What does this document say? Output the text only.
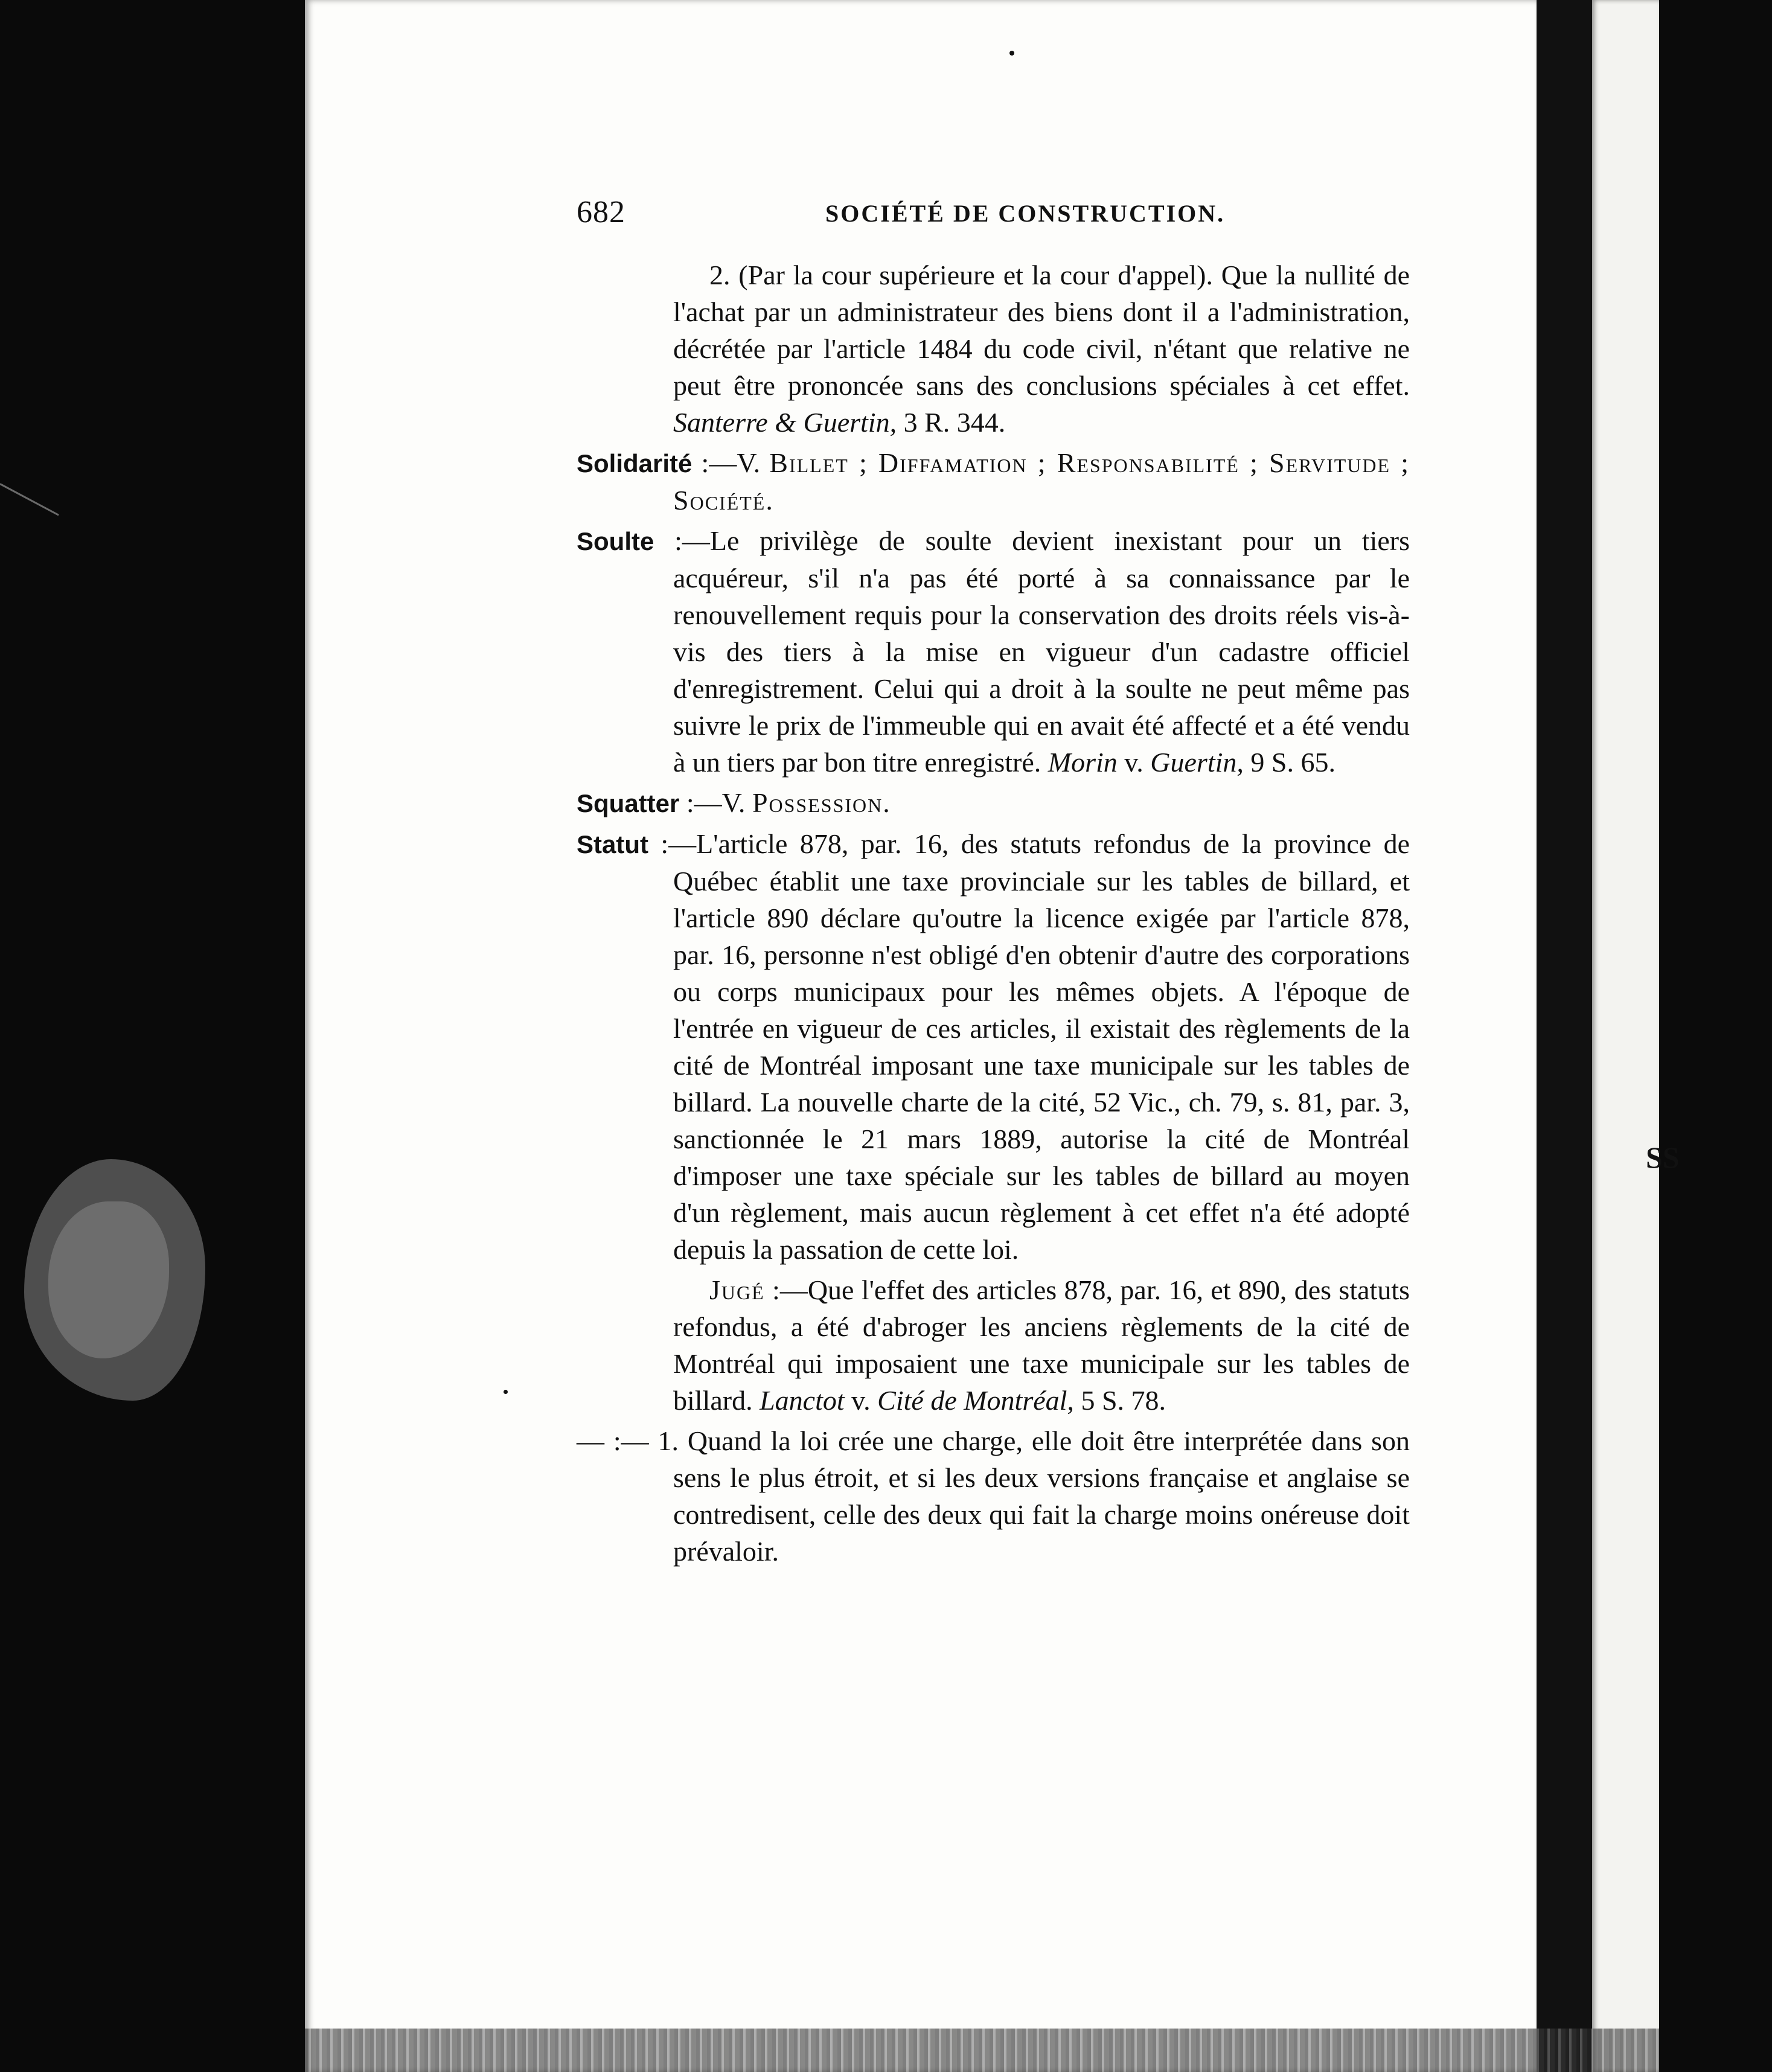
SS
682	SOCIÉTÉ DE CONSTRUCTION.

2. (Par la cour supérieure et la cour d'appel). Que la nullité de l'achat par un administrateur des biens dont il a l'administration, décrétée par l'article 1484 du code civil, n'étant que relative ne peut être prononcée sans des conclusions spéciales à cet effet. Santerre & Guertin, 3 R. 344.

Solidarité :—V. Billet ; Diffamation ; Responsabilité ; Servitude ; Société.

Soulte :—Le privilège de soulte devient inexistant pour un tiers acquéreur, s'il n'a pas été porté à sa connaissance par le renouvellement requis pour la conservation des droits réels vis-à-vis des tiers à la mise en vigueur d'un cadastre officiel d'enregistrement. Celui qui a droit à la soulte ne peut même pas suivre le prix de l'immeuble qui en avait été affecté et a été vendu à un tiers par bon titre enregistré. Morin v. Guertin, 9 S. 65.

Squatter :—V. Possession.

Statut :—L'article 878, par. 16, des statuts refondus de la province de Québec établit une taxe provinciale sur les tables de billard, et l'article 890 déclare qu'outre la licence exigée par l'article 878, par. 16, personne n'est obligé d'en obtenir d'autre des corporations ou corps municipaux pour les mêmes objets. A l'époque de l'entrée en vigueur de ces articles, il existait des règlements de la cité de Montréal imposant une taxe municipale sur les tables de billard. La nouvelle charte de la cité, 52 Vic., ch. 79, s. 81, par. 3, sanctionnée le 21 mars 1889, autorise la cité de Montréal d'imposer une taxe spéciale sur les tables de billard au moyen d'un règlement, mais aucun règlement à cet effet n'a été adopté depuis la passation de cette loi.

Jugé :—Que l'effet des articles 878, par. 16, et 890, des statuts refondus, a été d'abroger les anciens règlements de la cité de Montréal qui imposaient une taxe municipale sur les tables de billard. Lanctot v. Cité de Montréal, 5 S. 78.

— :— 1. Quand la loi crée une charge, elle doit être interprétée dans son sens le plus étroit, et si les deux versions française et anglaise se contredisent, celle des deux qui fait la charge moins onéreuse doit prévaloir.
